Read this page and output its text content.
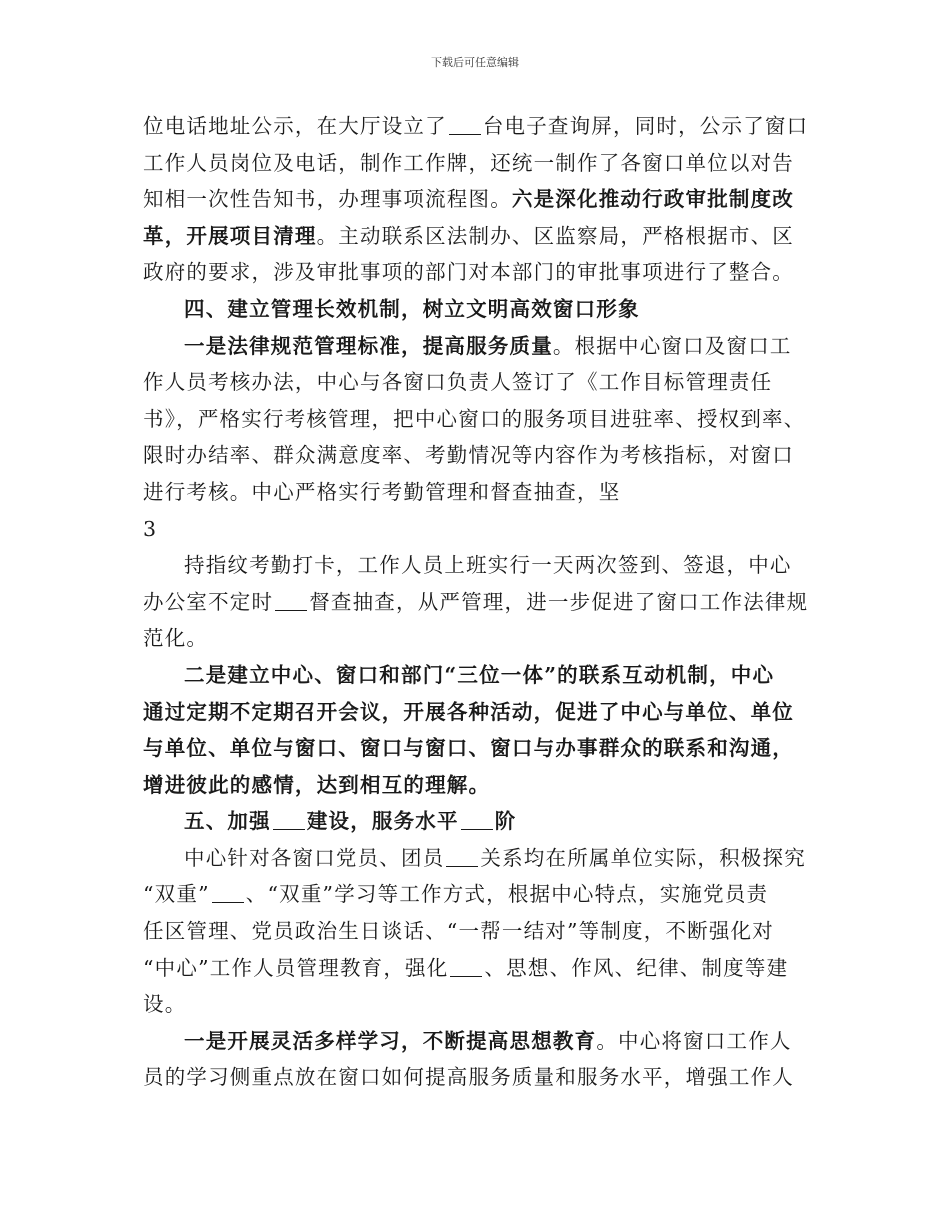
下载后可任意编辑
位电话地址公示，在大厅设立了 台电子查询屏，同时，公示了窗口
工作人员岗位及电话，制作工作牌，还统一制作了各窗口单位以对告
知相一次性告知书，办理事项流程图。六是深化推动行政审批制度改
革，开展项目清理。主动联系区法制办、区监察局，严格根据市、区
政府的要求，涉及审批事项的部门对本部门的审批事项进行了整合。
四、建立管理长效机制，树立文明高效窗口形象
一是法律规范管理标准，提高服务质量。根据中心窗口及窗口工
作人员考核办法，中心与各窗口负责人签订了《工作目标管理责任
书》，严格实行考核管理，把中心窗口的服务项目进驻率、授权到率、
限时办结率、群众满意度率、考勤情况等内容作为考核指标，对窗口
进行考核。中心严格实行考勤管理和督查抽查，坚
3
持指纹考勤打卡，工作人员上班实行一天两次签到、签退，中心
办公室不定时 督查抽查，从严管理，进一步促进了窗口工作法律规
范化。
二是建立中心、窗口和部门“三位一体”的联系互动机制，中心
通过定期不定期召开会议，开展各种活动，促进了中心与单位、单位
与单位、单位与窗口、窗口与窗口、窗口与办事群众的联系和沟通，
增进彼此的感情，达到相互的理解。
五、加强 建设，服务水平 阶
中心针对各窗口党员、团员 关系均在所属单位实际，积极探究
“双重” 、“双重”学习等工作方式，根据中心特点，实施党员责
任区管理、党员政治生日谈话、“一帮一结对”等制度，不断强化对
“中心”工作人员管理教育，强化 、思想、作风、纪律、制度等建
设。
一是开展灵活多样学习，不断提高思想教育。中心将窗口工作人
员的学习侧重点放在窗口如何提高服务质量和服务水平，增强工作人
